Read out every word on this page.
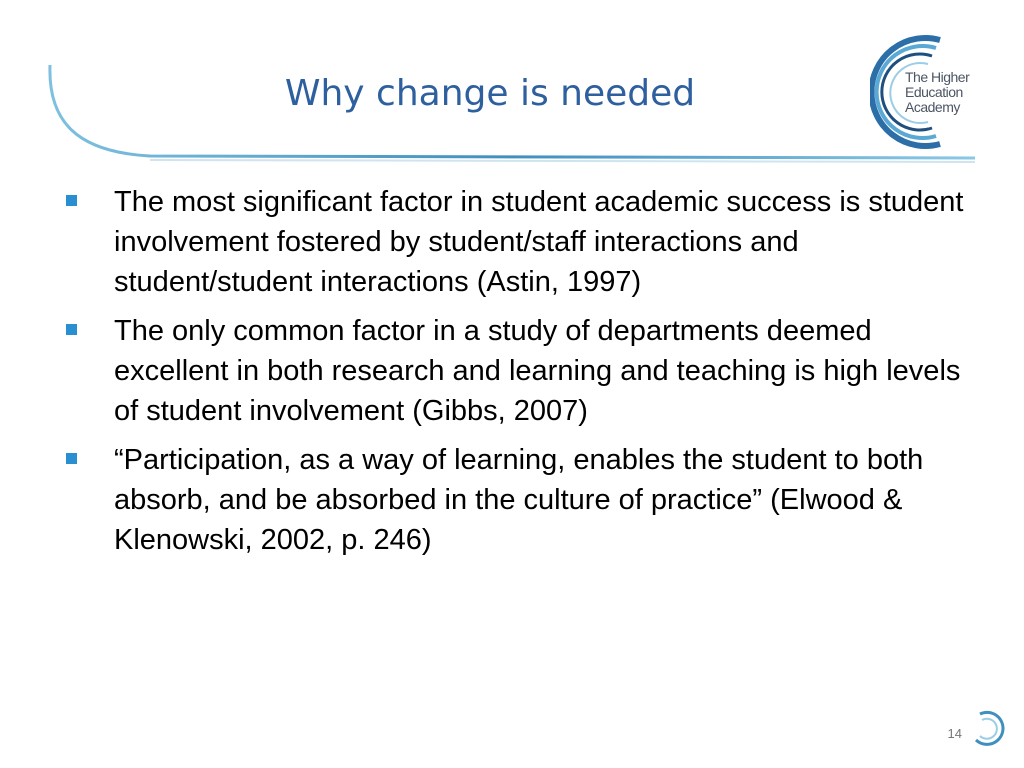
Why change is needed	The Higher
Education
Academy
The most significant factor in student academic success is student involvement fostered by student/staff interactions and student/student interactions (Astin, 1997)
The only common factor in a study of departments deemed excellent in both research and learning and teaching is high levels of student involvement (Gibbs, 2007)
“Participation, as a way of learning, enables the student to both absorb, and be absorbed in the culture of practice” (Elwood & Klenowski, 2002, p. 246)
14
